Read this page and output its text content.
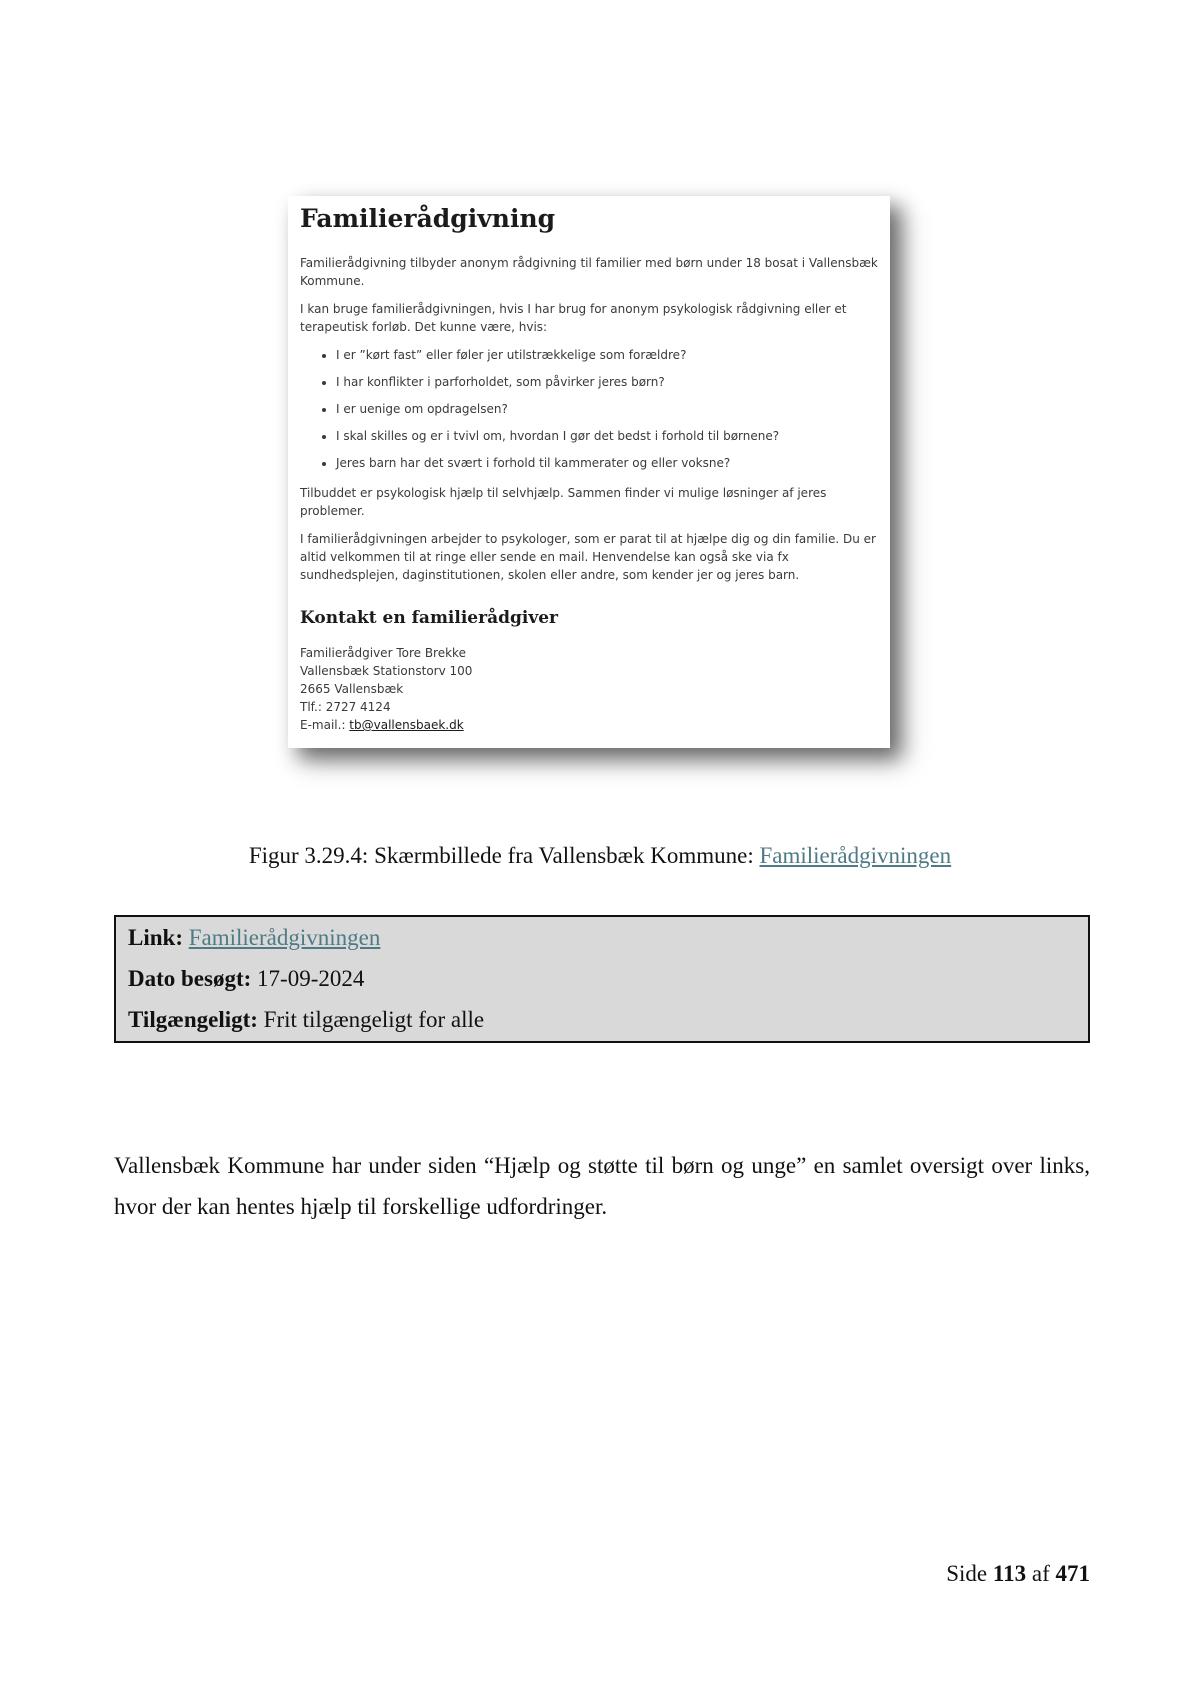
Familierådgivning

Familierådgivning tilbyder anonym rådgivning til familier med børn under 18 bosat i Vallensbæk Kommune.

I kan bruge familierådgivningen, hvis I har brug for anonym psykologisk rådgivning eller et terapeutisk forløb. Det kunne være, hvis:

• I er ”kørt fast” eller føler jer utilstrækkelige som forældre?
• I har konflikter i parforholdet, som påvirker jeres børn?
• I er uenige om opdragelsen?
• I skal skilles og er i tvivl om, hvordan I gør det bedst i forhold til børnene?
• Jeres barn har det svært i forhold til kammerater og eller voksne?

Tilbuddet er psykologisk hjælp til selvhjælp. Sammen finder vi mulige løsninger af jeres problemer.

I familierådgivningen arbejder to psykologer, som er parat til at hjælpe dig og din familie. Du er altid velkommen til at ringe eller sende en mail. Henvendelse kan også ske via fx sundhedsplejen, daginstitutionen, skolen eller andre, som kender jer og jeres barn.

Kontakt en familierådgiver
Familierådgiver Tore Brekke
Vallensbæk Stationstorv 100
2665 Vallensbæk
Tlf.: 2727 4124
E-mail.: tb@vallensbaek.dk
Figur 3.29.4: Skærmbillede fra Vallensbæk Kommune: Familierådgivningen
Link: Familierådgivningen
Dato besøgt: 17-09-2024
Tilgængeligt: Frit tilgængeligt for alle

Vallensbæk Kommune har under siden “Hjælp og støtte til børn og unge” en samlet oversigt over links, hvor der kan hentes hjælp til forskellige udfordringer.

Side 113 af 471
